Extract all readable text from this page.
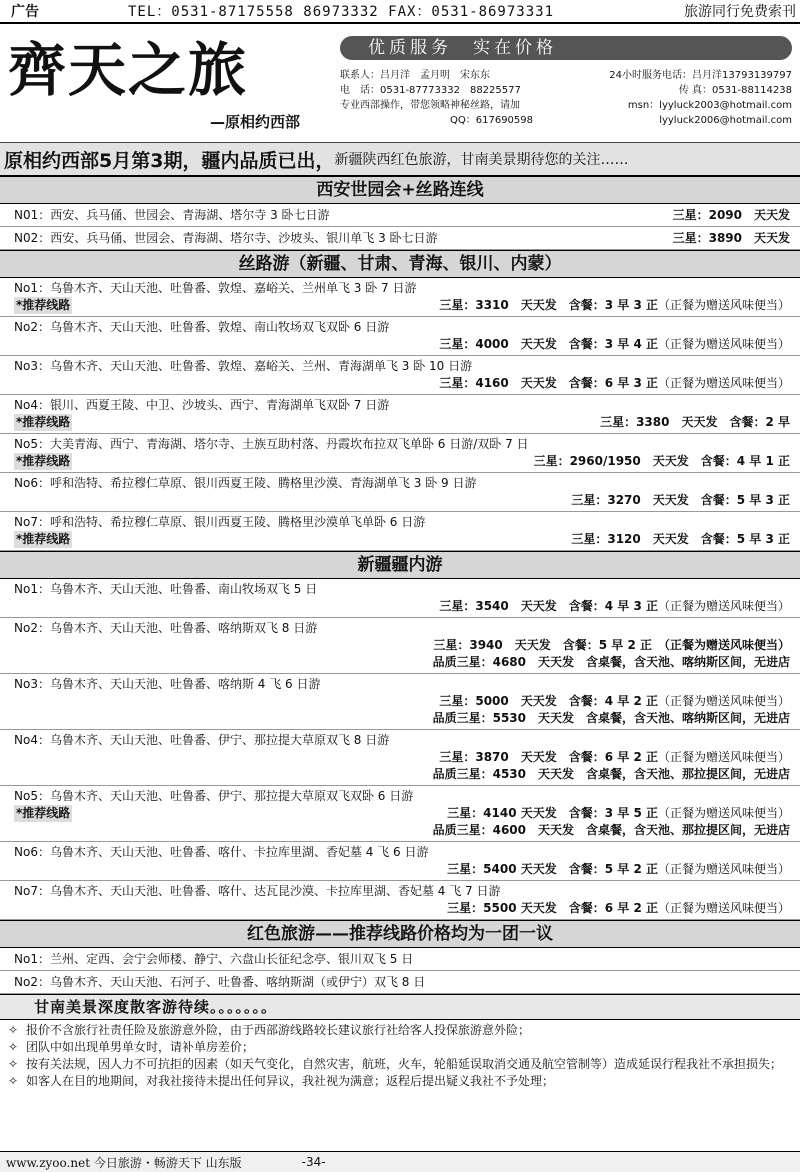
广告	TEL：0531-87175558 86973332 FAX：0531-86973331	旅游同行免费索刊
齊天之旅
—原相约西部
优质服务　实在价格
联系人：吕月洋　孟月明　宋东东	24小时服务电话：吕月洋13793139797
电　话：0531-87773332　88225577	传 真：0531-88114238
专业西部操作，带您领略神秘丝路，请加	msn：lyyluck2003@hotmail.com
QQ：617690598	lyyluck2006@hotmail.com
原相约西部5月第3期，疆内品质已出， 新疆陕西红色旅游，甘南美景期待您的关注……
西安世园会+丝路连线
N01： 西安、兵马俑、世园会、青海湖、塔尔寺 3 卧七日游	三星：2090　天天发
N02： 西安、兵马俑、世园会、青海湖、塔尔寺、沙坡头、银川单飞 3 卧七日游	三星：3890　天天发
丝路游（新疆、甘肃、青海、银川、内蒙）
No1：乌鲁木齐、天山天池、吐鲁番、敦煌、嘉峪关、兰州单飞 3 卧 7 日游
*推荐线路	三星：3310　天天发　含餐：3 早 3 正（正餐为赠送风味便当）
No2：乌鲁木齐、天山天池、吐鲁番、敦煌、南山牧场双飞双卧 6 日游
三星：4000　天天发　含餐：3 早 4 正（正餐为赠送风味便当）
No3：乌鲁木齐、天山天池、吐鲁番、敦煌、嘉峪关、兰州、青海湖单飞 3 卧 10 日游
三星：4160　天天发　含餐：6 早 3 正（正餐为赠送风味便当）
No4：银川、西夏王陵、中卫、沙坡头、西宁、青海湖单飞双卧 7 日游
*推荐线路	三星：3380　天天发　含餐：2 早
No5：大美青海、西宁、青海湖、塔尔寺、土族互助村落、丹霞坎布拉双飞单卧 6 日游/双卧 7 日
*推荐线路	三星：2960/1950　天天发　含餐：4 早 1 正
No6：呼和浩特、希拉穆仁草原、银川西夏王陵、腾格里沙漠、青海湖单飞 3 卧 9 日游
三星：3270　天天发　含餐：5 早 3 正
No7：呼和浩特、希拉穆仁草原、银川西夏王陵、腾格里沙漠单飞单卧 6 日游
*推荐线路	三星：3120　天天发　含餐：5 早 3 正
新疆疆内游
No1：乌鲁木齐、天山天池、吐鲁番、南山牧场双飞 5 日
三星：3540　天天发　含餐：4 早 3 正（正餐为赠送风味便当）
No2：乌鲁木齐、天山天池、吐鲁番、喀纳斯双飞 8 日游
三星：3940　天天发　含餐：5 早 2 正　（正餐为赠送风味便当）
品质三星：4680　天天发　含桌餐，含天池、喀纳斯区间，无进店
No3：乌鲁木齐、天山天池、吐鲁番、喀纳斯 4 飞 6 日游
三星：5000　天天发　含餐：4 早 2 正（正餐为赠送风味便当）
品质三星：5530　天天发　含桌餐，含天池、喀纳斯区间，无进店
No4：乌鲁木齐、天山天池、吐鲁番、伊宁、那拉提大草原双飞 8 日游
三星：3870　天天发　含餐：6 早 2 正（正餐为赠送风味便当）
品质三星：4530　天天发　含桌餐，含天池、那拉提区间，无进店
No5：乌鲁木齐、天山天池、吐鲁番、伊宁、那拉提大草原双飞双卧 6 日游
*推荐线路	三星：4140 天天发　含餐：3 早 5 正（正餐为赠送风味便当）
品质三星：4600　天天发　含桌餐，含天池、那拉提区间，无进店
No6：乌鲁木齐、天山天池、吐鲁番、喀什、卡拉库里湖、香妃墓 4 飞 6 日游
三星：5400 天天发　含餐：5 早 2 正（正餐为赠送风味便当）
No7：乌鲁木齐、天山天池、吐鲁番、喀什、达瓦昆沙漠、卡拉库里湖、香妃墓 4 飞 7 日游
三星：5500 天天发　含餐：6 早 2 正（正餐为赠送风味便当）
红色旅游——推荐线路价格均为一团一议
No1： 兰州、定西、会宁会师楼、静宁、六盘山长征纪念亭、银川双飞 5 日
No2： 乌鲁木齐、天山天池、石河子、吐鲁番、喀纳斯湖（或伊宁）双飞 8 日
甘南美景深度散客游待续。。。。。。。
✧ 报价不含旅行社责任险及旅游意外险，由于西部游线路较长建议旅行社给客人投保旅游意外险；
✧ 团队中如出现单男单女时，请补单房差价；
✧ 按有关法规，因人力不可抗拒的因素（如天气变化，自然灾害，航班，火车，轮船延误取消交通及航空管制等）造成延误行程我社不承担损失；
✧ 如客人在目的地期间，对我社接待未提出任何异议，我社视为满意；返程后提出疑义我社不予处理；
www.zyoo.net 今日旅游・畅游天下 山东版	-34-
